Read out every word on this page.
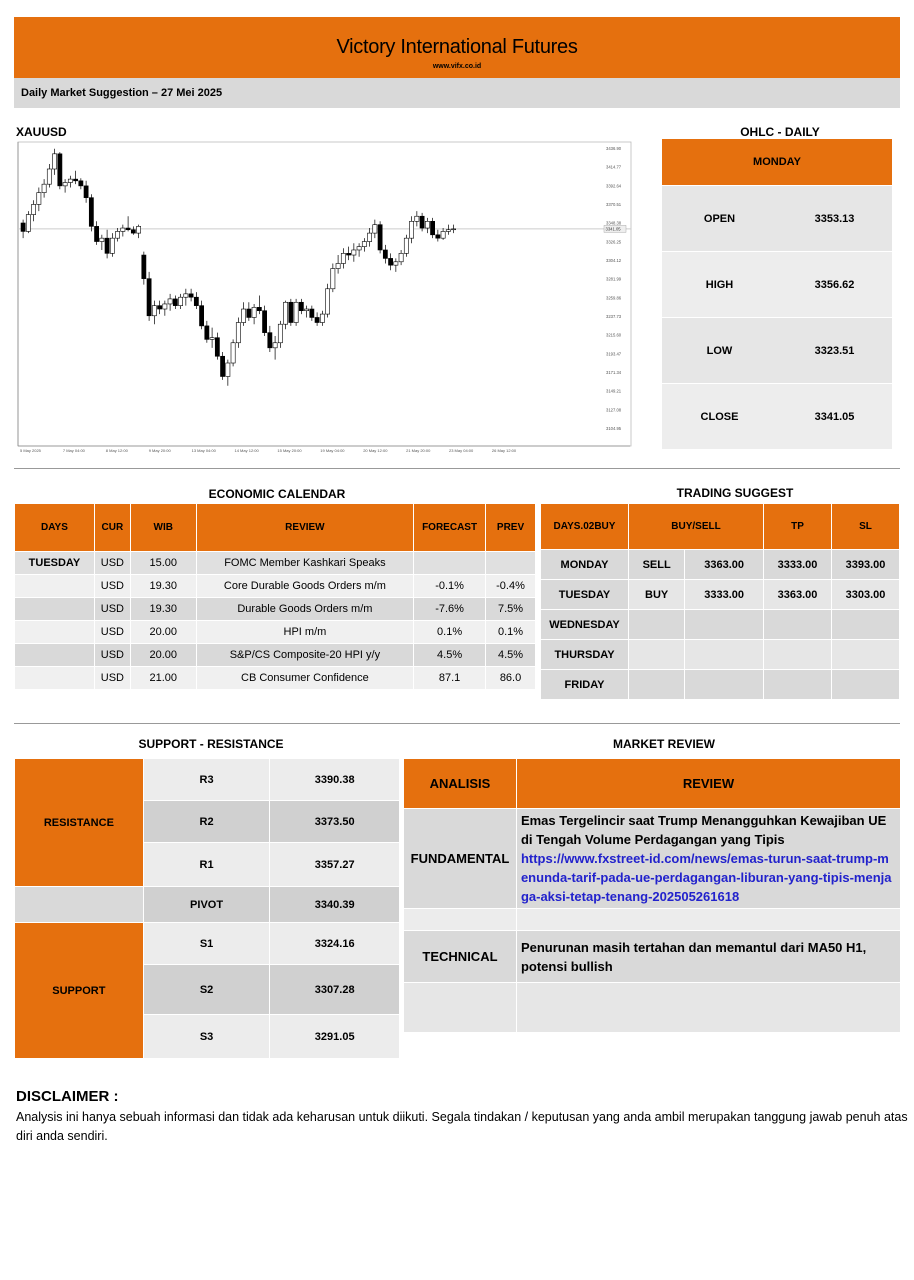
Victory International Futures
www.vifx.co.id
Daily Market Suggestion – 27 Mei 2025
XAUUSD
3436.90
3414.77
3392.64
3370.51
3348.38
3326.25
3304.12
3281.99
3259.86
3237.73
3215.60
3193.47
3171.34
3149.21
3127.08
3104.95
5 May 2025	7 May 04:00	8 May 12:00	9 May 20:00	13 May 04:00	14 May 12:00	15 May 20:00	19 May 04:00	20 May 12:00	21 May 20:00	23 May 04:00	26 May 12:00
3341.05
OHLC - DAILY
MONDAY
OPEN	3353.13
HIGH	3356.62
LOW	3323.51
CLOSE	3341.05
ECONOMIC CALENDAR
DAYS	CUR	WIB	REVIEW	FORECAST	PREV
TUESDAY	USD	15.00	FOMC Member Kashkari Speaks		
	USD	19.30	Core Durable Goods Orders m/m	-0.1%	-0.4%
	USD	19.30	Durable Goods Orders m/m	-7.6%	7.5%
	USD	20.00	HPI m/m	0.1%	0.1%
	USD	20.00	S&P/CS Composite-20 HPI y/y	4.5%	4.5%
	USD	21.00	CB Consumer Confidence	87.1	86.0
TRADING SUGGEST
DAYS.02BUY	BUY/SELL		TP	SL
MONDAY	SELL	3363.00	3333.00	3393.00
TUESDAY	BUY	3333.00	3363.00	3303.00
WEDNESDAY				
THURSDAY				
FRIDAY				
SUPPORT - RESISTANCE
RESISTANCE	R3	3390.38
	R2	3373.50
	R1	3357.27
	PIVOT	3340.39
SUPPORT	S1	3324.16
	S2	3307.28
	S3	3291.05
MARKET REVIEW
ANALISIS	REVIEW
FUNDAMENTAL	Emas Tergelincir saat Trump Menangguhkan Kewajiban UE di Tengah Volume Perdagangan yang Tipis
https://www.fxstreet-id.com/news/emas-turun-saat-trump-menunda-tarif-pada-ue-perdagangan-liburan-yang-tipis-menjaga-aksi-tetap-tenang-202505261618

TECHNICAL	Penurunan masih tertahan dan memantul dari MA50 H1, potensi bullish

DISCLAIMER :
Analysis ini hanya sebuah informasi dan tidak ada keharusan untuk diikuti. Segala tindakan / keputusan yang anda ambil merupakan tanggung jawab penuh atas diri anda sendiri.
